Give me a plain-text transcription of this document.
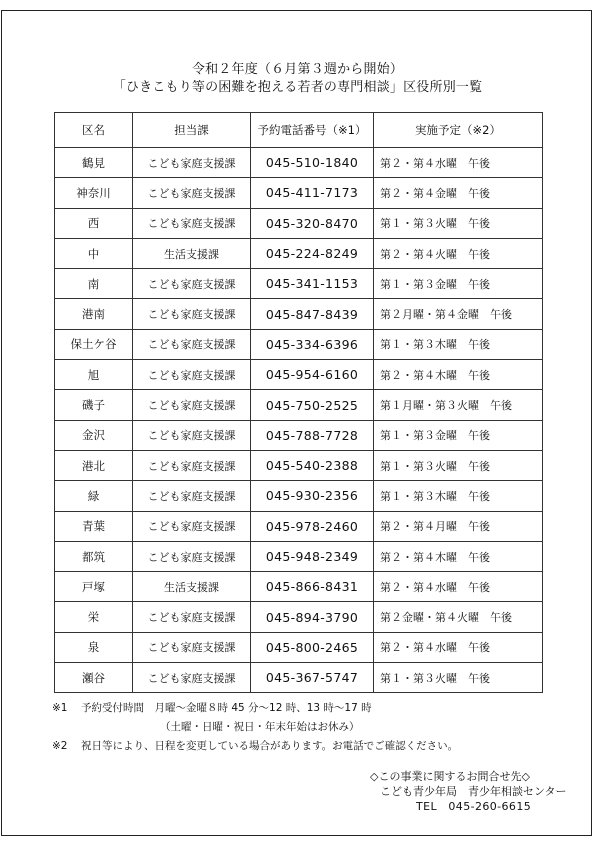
令和２年度（６月第３週から開始）
「ひきこもり等の困難を抱える若者の専門相談」区役所別一覧
区名	担当課	予約電話番号（※1）	実施予定（※2）
鶴見	こども家庭支援課	045-510-1840	第２・第４水曜　午後
神奈川	こども家庭支援課	045-411-7173	第２・第４金曜　午後
西	こども家庭支援課	045-320-8470	第１・第３火曜　午後
中	生活支援課	045-224-8249	第２・第４火曜　午後
南	こども家庭支援課	045-341-1153	第１・第３金曜　午後
港南	こども家庭支援課	045-847-8439	第２月曜・第４金曜　午後
保土ケ谷	こども家庭支援課	045-334-6396	第１・第３木曜　午後
旭	こども家庭支援課	045-954-6160	第２・第４木曜　午後
磯子	こども家庭支援課	045-750-2525	第１月曜・第３火曜　午後
金沢	こども家庭支援課	045-788-7728	第１・第３金曜　午後
港北	こども家庭支援課	045-540-2388	第１・第３火曜　午後
緑	こども家庭支援課	045-930-2356	第１・第３木曜　午後
青葉	こども家庭支援課	045-978-2460	第２・第４月曜　午後
都筑	こども家庭支援課	045-948-2349	第２・第４木曜　午後
戸塚	生活支援課	045-866-8431	第２・第４水曜　午後
栄	こども家庭支援課	045-894-3790	第２金曜・第４火曜　午後
泉	こども家庭支援課	045-800-2465	第２・第４水曜　午後
瀬谷	こども家庭支援課	045-367-5747	第１・第３火曜　午後
※1 予約受付時間　月曜～金曜８時 45 分～12 時、13 時～17 時
（土曜・日曜・祝日・年末年始はお休み）
※2 祝日等により、日程を変更している場合があります。お電話でご確認ください。
◇この事業に関するお問合せ先◇
こども青少年局　青少年相談センター
TEL　045-260-6615
